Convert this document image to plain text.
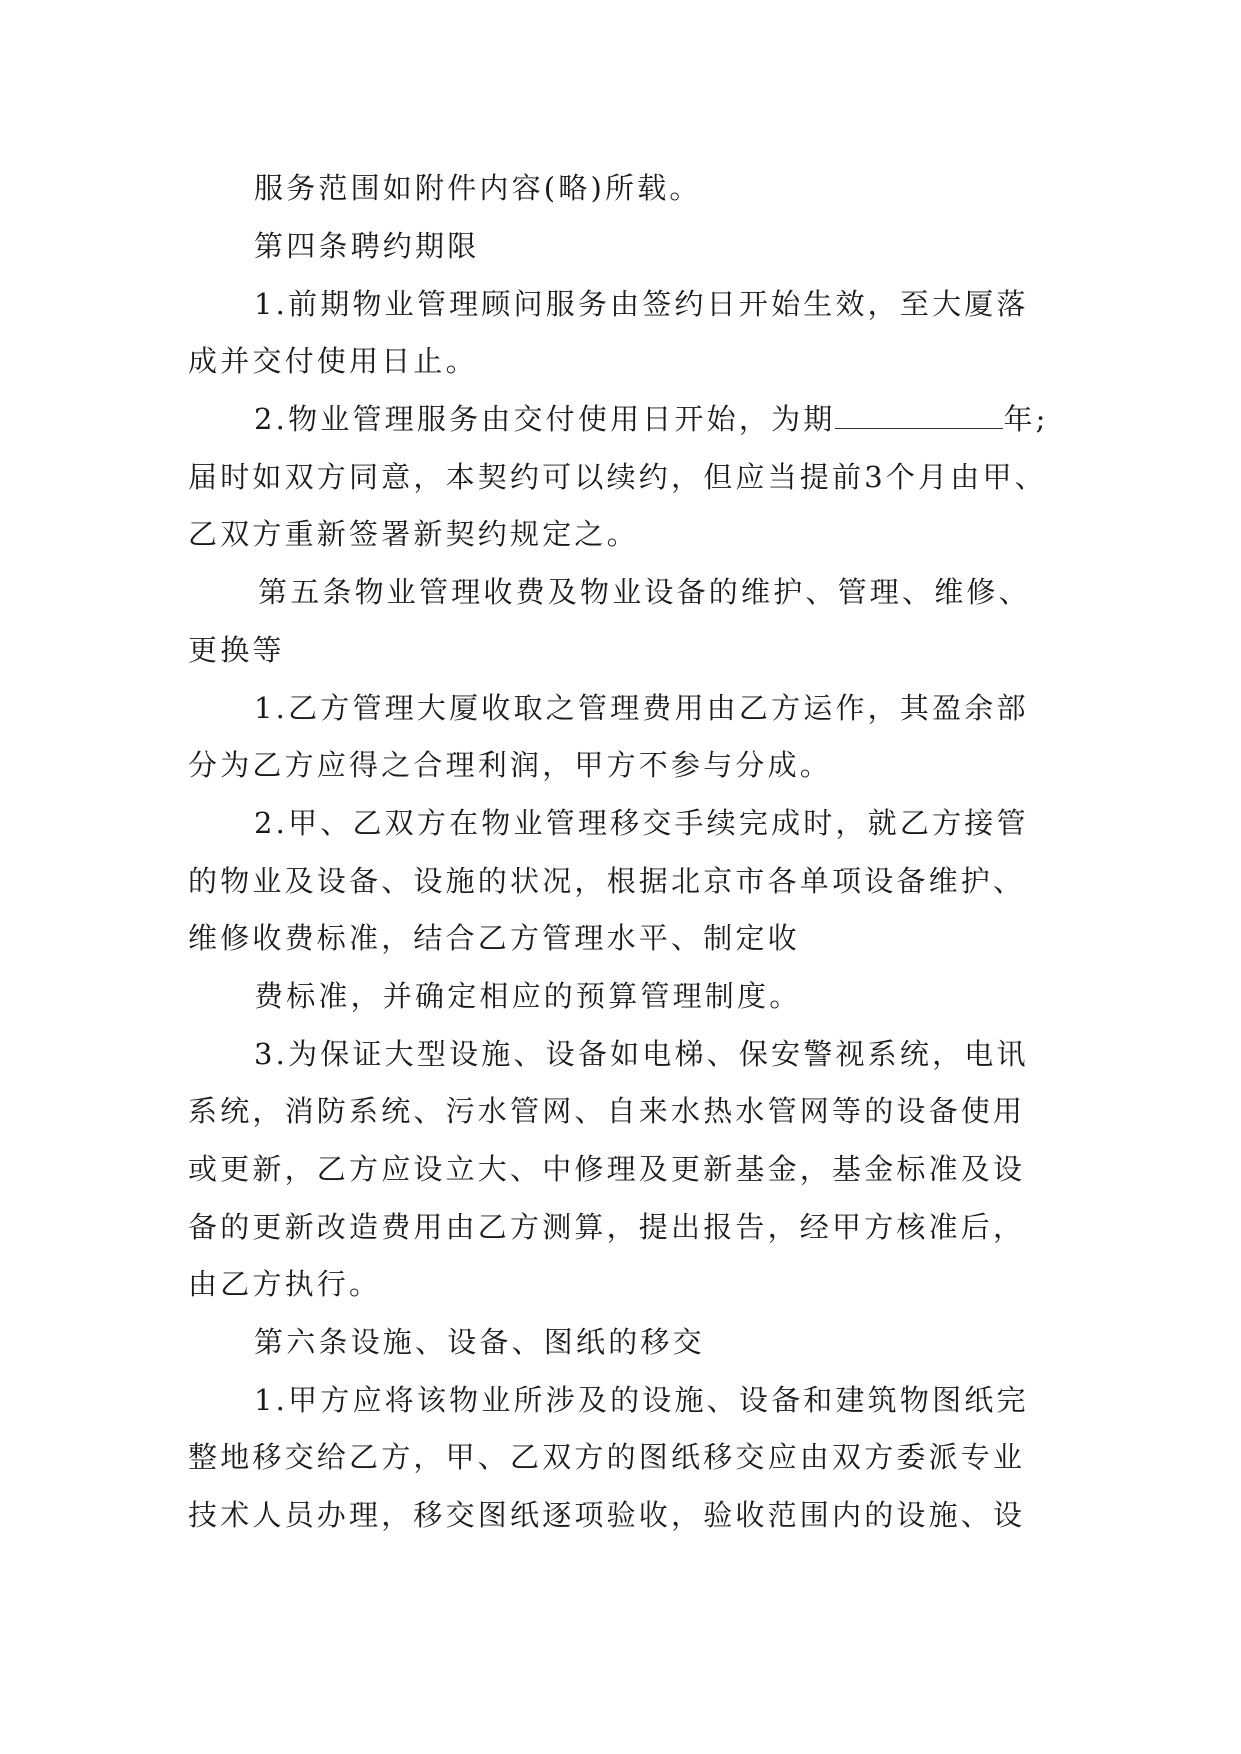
服务范围如附件内容(略)所载。
第四条聘约期限
1.前期物业管理顾问服务由签约日开始生效，至大厦落
成并交付使用日止。
2.物业管理服务由交付使用日开始，为期	年;
届时如双方同意，本契约可以续约，但应当提前3个月由甲、
乙双方重新签署新契约规定之。
第五条物业管理收费及物业设备的维护、管理、维修、
更换等
1.乙方管理大厦收取之管理费用由乙方运作，其盈余部
分为乙方应得之合理利润，甲方不参与分成。
2.甲、乙双方在物业管理移交手续完成时，就乙方接管
的物业及设备、设施的状况，根据北京市各单项设备维护、
维修收费标准，结合乙方管理水平、制定收
费标准，并确定相应的预算管理制度。
3.为保证大型设施、设备如电梯、保安警视系统，电讯
系统，消防系统、污水管网、自来水热水管网等的设备使用
或更新，乙方应设立大、中修理及更新基金，基金标准及设
备的更新改造费用由乙方测算，提出报告，经甲方核准后，
由乙方执行。
第六条设施、设备、图纸的移交
1.甲方应将该物业所涉及的设施、设备和建筑物图纸完
整地移交给乙方，甲、乙双方的图纸移交应由双方委派专业
技术人员办理，移交图纸逐项验收，验收范围内的设施、设
